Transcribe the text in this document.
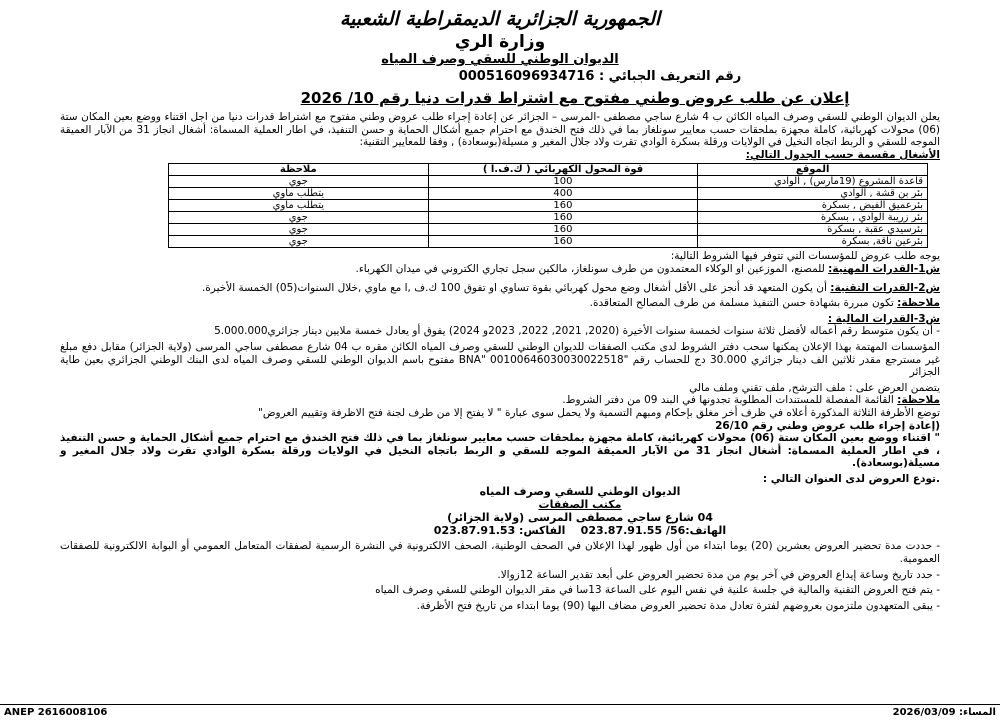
الجمهورية الجزائرية الديمقراطية الشعبية
وزارة الري
الديوان الوطني للسقي وصرف المياه
رقم التعريف الجبائي : 000516096934716
إعلان عن طلب عروض وطني مفتوح مع اشتراط قدرات دنيا رقم 10/ 2026

يعلن الديوان الوطني للسقي وصرف المياه الكائن ب 4 شارع ساجي مصطفى -المرسى – الجزائر عن إعادة إجراء طلب عروض وطني مفتوح مع اشتراط قدرات دنيا من اجل اقتناء ووضع بعين المكان ستة (06) محولات كهربائية، كاملة مجهزة بملحقات حسب معايير سونلغاز بما في ذلك فتح الخندق مع احترام جميع أشكال الحماية و حسن التنفيذ، في اطار العملية المسماة: أشغال انجاز 31 من الآبار العميقة الموجه للسقي و الربط اتجاه النخيل في الولايات ورقلة بسكرة الوادي تقرت ولاد جلال المغير و مسيلة(بوسعادة) , وفقا للمعايير التقنية:

الأشغال مقسمة حسب الجدول التالي:

الموقع	قوة المحول الكهربائي ( ك.ف.ا )	ملاحظة
قاعدة المشروع (19مارس) , الوادي	100	جوي
بئر بن قشة , الوادي	400	يتطلب ماوي
بئرعميق الفيض , بسكرة	160	يتطلب ماوي
بئر زريبة الوادي , بسكرة	160	جوي
بئرسيدي عقبة , بسكرة	160	جوي
بئرعين ناقة, بسكرة	160	جوي

يوجه طلب عروض للمؤسسات التي تتوفر فيها الشروط التالية:

ش1-القدرات المهنية: للمصنع، الموزعين او الوكلاء المعتمدون من طرف سونلغاز، مالكين سجل تجاري الكتروني في ميدان الكهرباء.

ش2-القدرات التقنية: أن يكون المتعهد قد أنجز على الأقل أشغال وضع محول كهربائي بقوة تساوي او تفوق 100 ك.ف ,ا مع ماوي ,خلال السنوات(05) الخمسة الأخيرة.

ملاحظة: تكون مبررة بشهادة حسن التنفيذ مسلمة من طرف المصالح المتعاقدة.

ش3-القدرات المالية :

- أن يكون متوسط رقم أعماله لأفضل ثلاثة سنوات لخمسة سنوات الأخيرة (2020, 2021, 2022, 2023و 2024) يفوق أو يعادل خمسة ملايين دينار جزائري5.000.000

المؤسسات المهتمة بهذا الإعلان يمكنها سحب دفتر الشروط لدى مكتب الصفقات للديوان الوطني للسقي وصرف المياه الكائن مقره ب 04 شارع مصطفى ساجي المرسى (ولاية الجزائر) مقابل دفع مبلغ غير مسترجع مقدر ثلاثين الف دينار جزائري 30.000 دج للحساب رقم "BNA" 00100646030030022518 مفتوح باسم الديوان الوطني للسقي وصرف المياه لدى البنك الوطني الجزائري بعين طاية الجزائر

يتضمن العرض على : ملف الترشح, ملف تقني وملف مالي

ملاحظة: القائمة المفصلة للمستندات المطلوبة تجدونها في البند 09 من دفتر الشروط.

توضع الأظرفة الثلاثة المذكورة أعلاه في ظرف أخر مغلق بإحكام ومبهم التسمية ولا يحمل سوى عبارة " لا يفتح إلا من طرف لجنة فتح الاظرفة وتقييم العروض"

(إعادة إجراء طلب عروض وطني رقم 26/10

" اقتناء ووضع بعين المكان ستة (06) محولات كهربائية، كاملة مجهزة بملحقات حسب معايير سونلغاز بما في ذلك فتح الخندق مع احترام جميع أشكال الحماية و حسن التنفيذ ، في اطار العملية المسماة: أشغال انجاز 31 من الآبار العميقة الموجه للسقي و الربط باتجاه النخيل في الولايات ورقلة بسكرة الوادي تقرت ولاد جلال المغير و مسيلة(بوسعادة).

.تودع العروض لدى العنوان التالي :

الديوان الوطني للسقي وصرف المياه
مكتب الصفقات
04 شارع ساجي مصطفى المرسى (ولاية الجزائر)
الهاتف:56/ 023.87.91.55    الفاكس: 023.87.91.53

- حددت مدة تحضير العروض بعشرين (20) يوما ابتداء من أول ظهور لهذا الإعلان في الصحف الوطنية، الصحف الالكترونية في النشرة الرسمية لصفقات المتعامل العمومي أو البوابة الالكترونية للصفقات العمومية.

- حدد تاريخ وساعة إيداع العروض في آخر يوم من مدة تحضير العروض على أبعد تقدير الساعة 12زوالا.

- يتم فتح العروض التقنية والمالية في جلسة علنية في نفس اليوم على الساعة 13سا في مقر الديوان الوطني للسقي وصرف المياه

- يبقى المتعهدون ملتزمون بعروضهم لفترة تعادل مدة تحضير العروض مضاف اليها (90) يوما ابتداء من تاريخ فتح الأظرفة.

ANEP 2616008106	المساء: 2026/03/09
